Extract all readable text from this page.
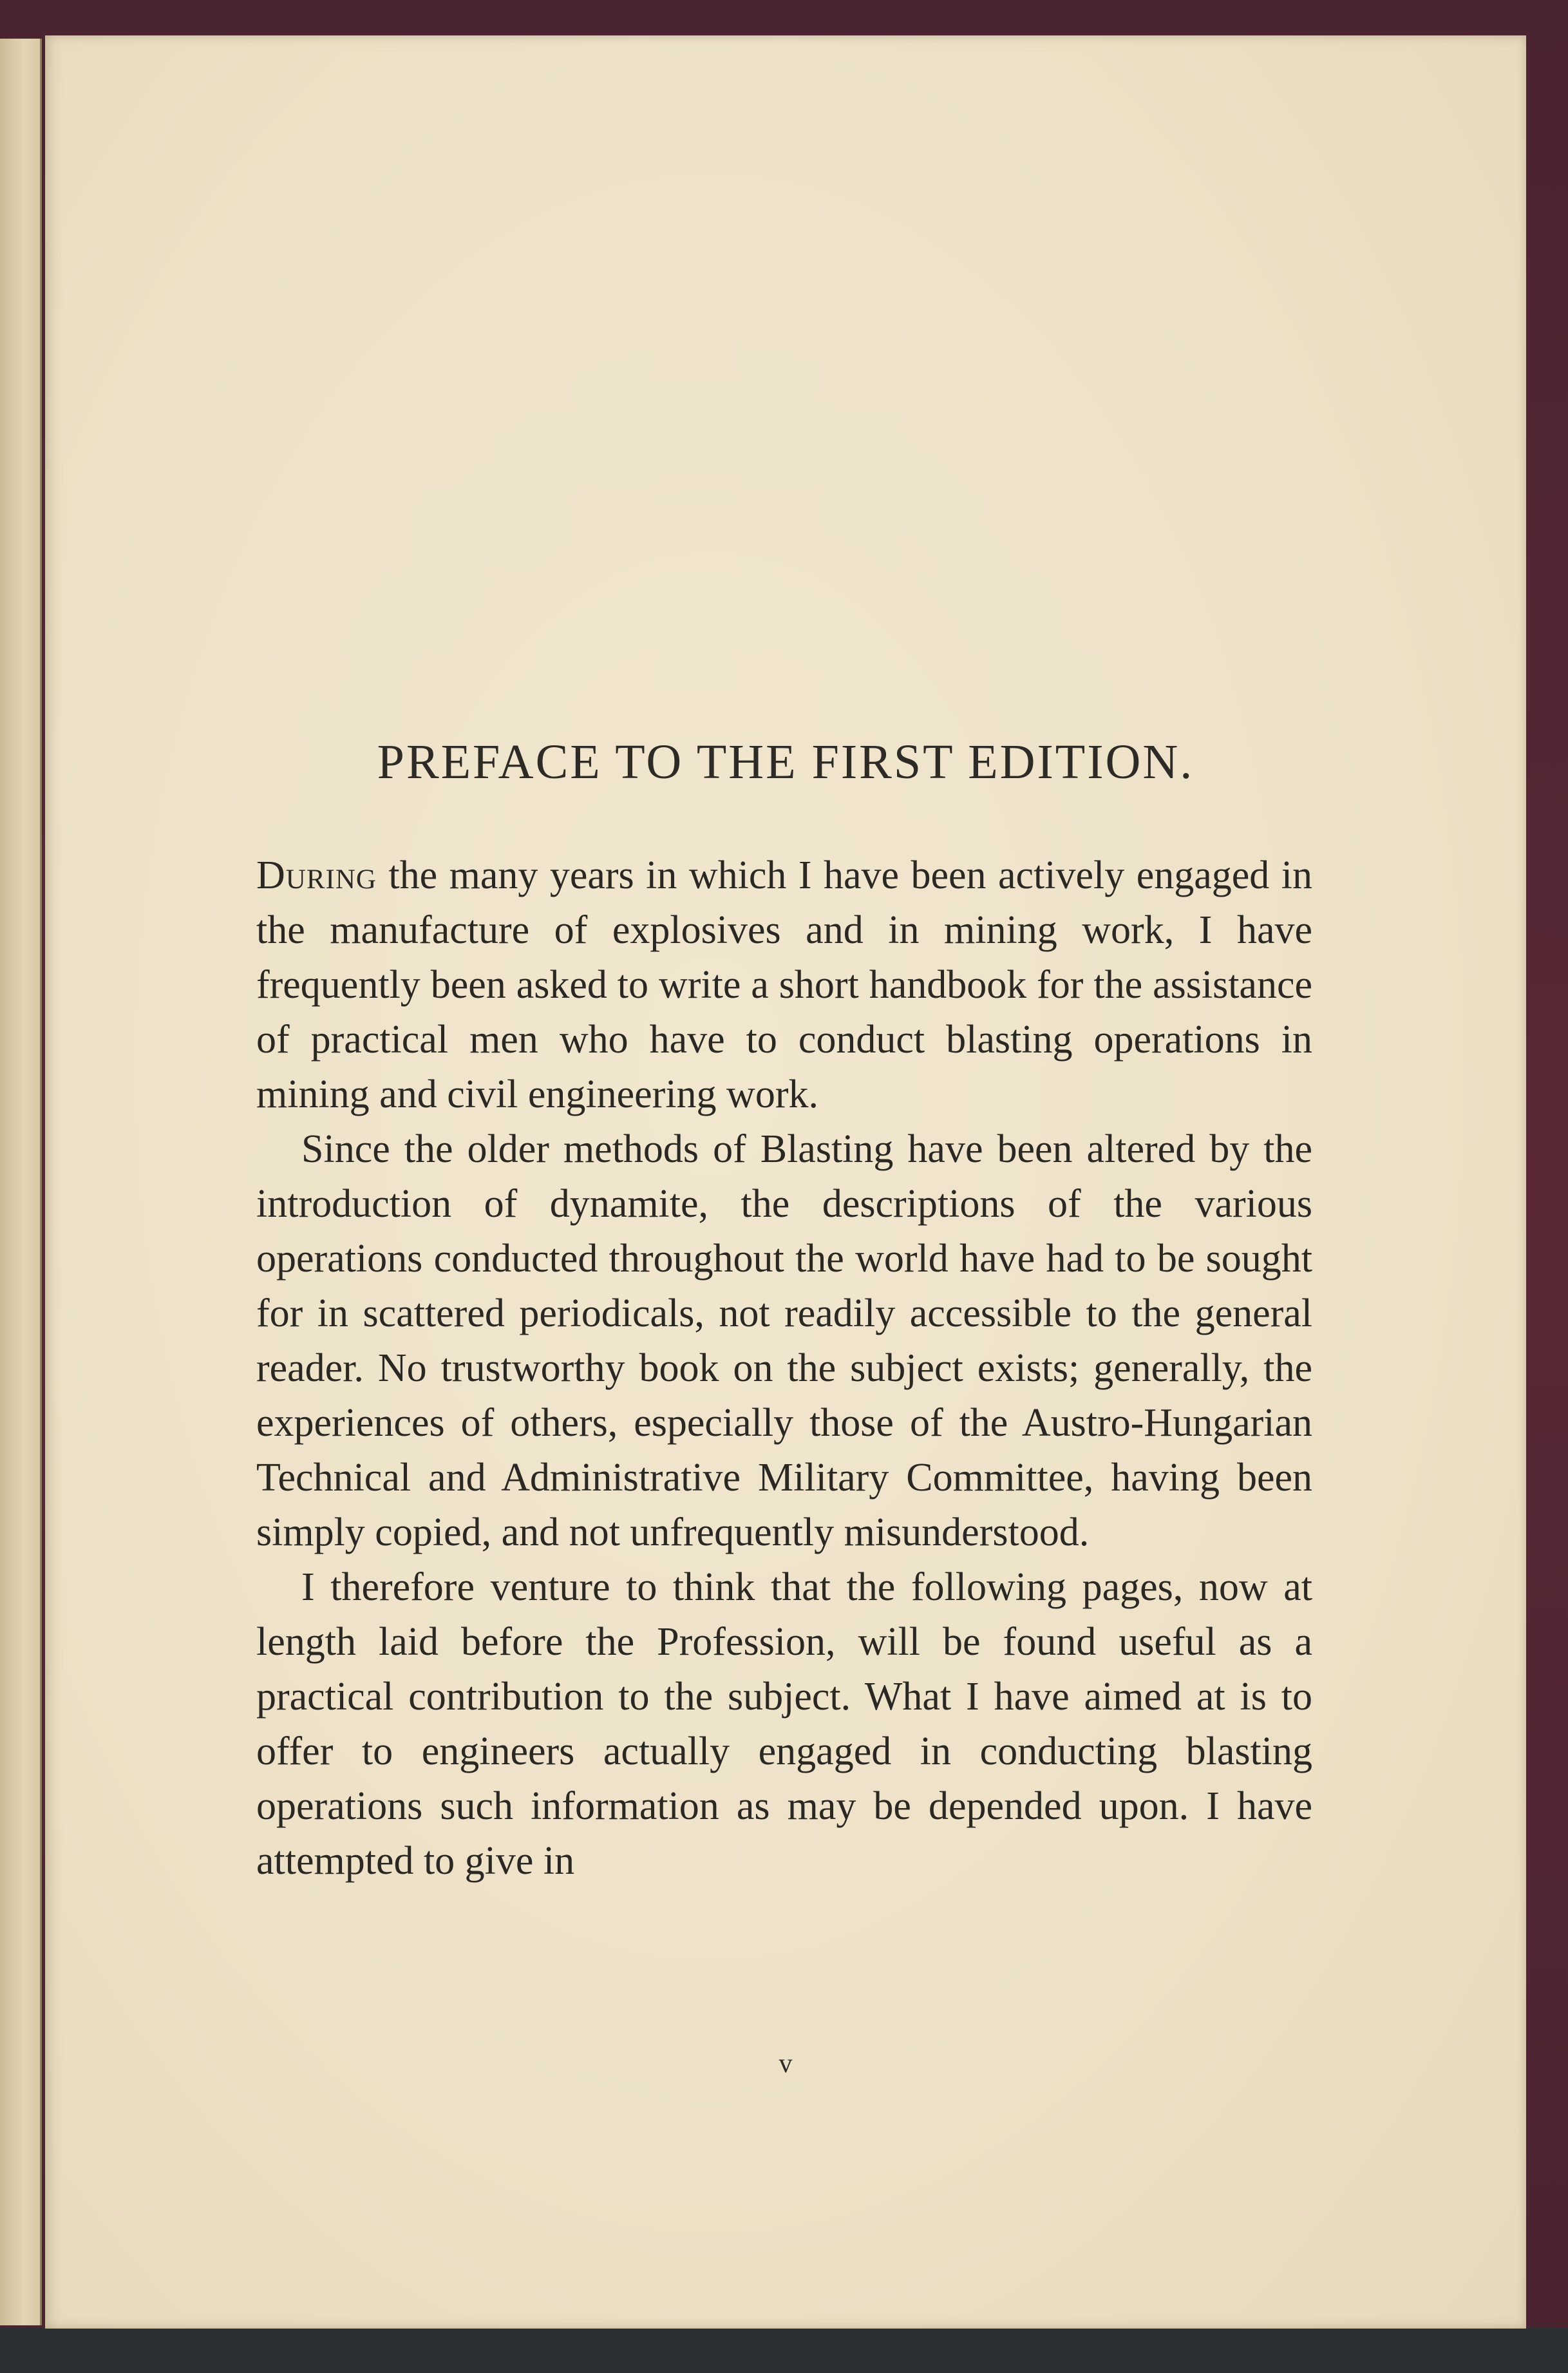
PREFACE TO THE FIRST EDITION.

During the many years in which I have been actively engaged in the manufacture of explosives and in mining work, I have frequently been asked to write a short handbook for the assistance of practical men who have to conduct blasting operations in mining and civil engineering work.

Since the older methods of Blasting have been altered by the introduction of dynamite, the descriptions of the various operations conducted throughout the world have had to be sought for in scattered periodicals, not readily accessible to the general reader. No trustworthy book on the subject exists; generally, the experiences of others, especially those of the Austro-Hungarian Technical and Administrative Military Committee, having been simply copied, and not unfrequently misunderstood.

I therefore venture to think that the following pages, now at length laid before the Profession, will be found useful as a practical contribution to the subject. What I have aimed at is to offer to engineers actually engaged in conducting blasting operations such information as may be depended upon. I have attempted to give in

v
